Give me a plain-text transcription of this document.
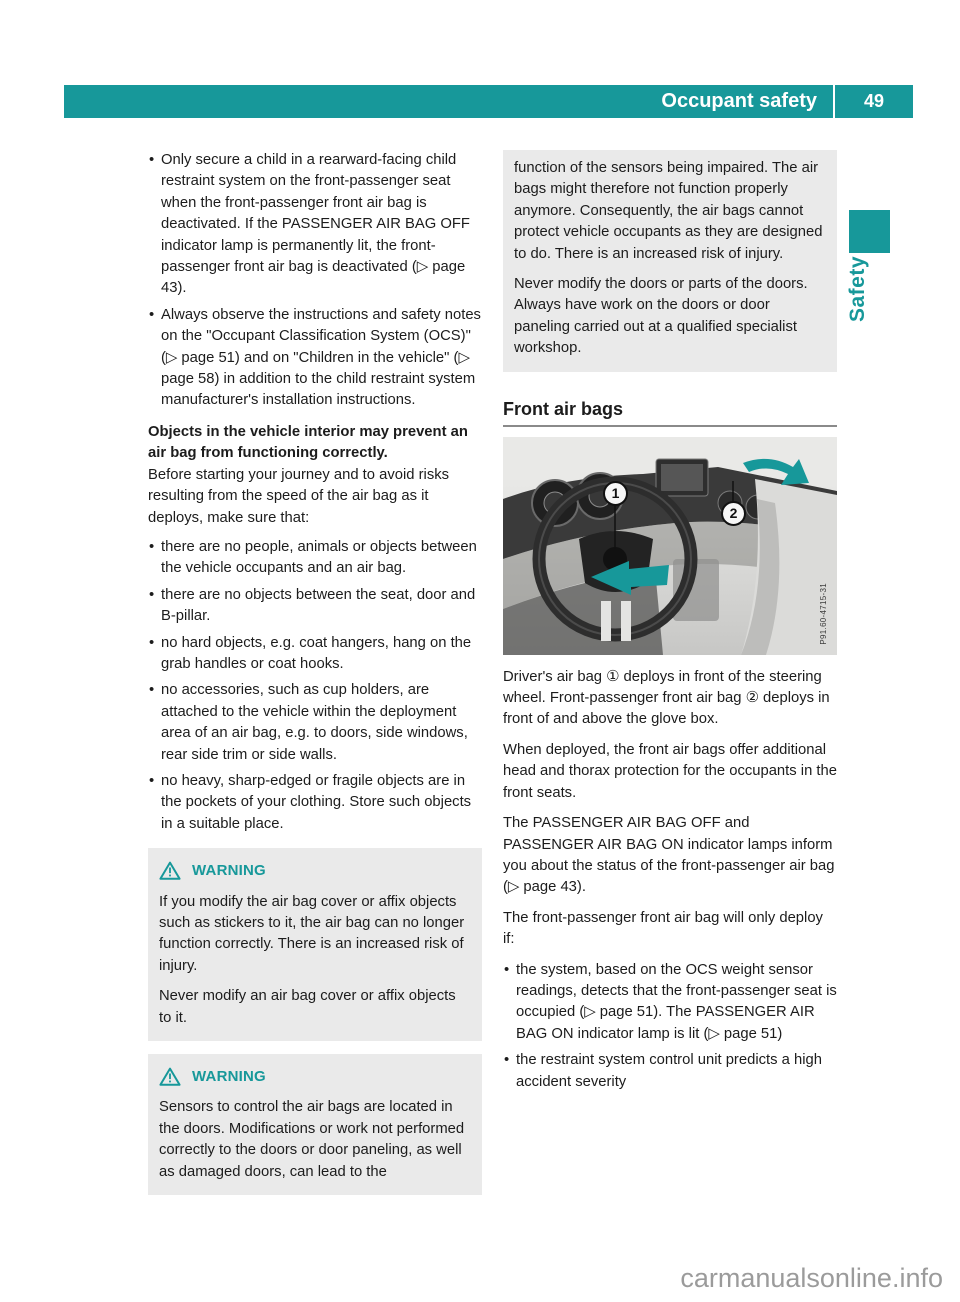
Occupant safety	49
Safety
• Only secure a child in a rearward-facing child restraint system on the front-passenger seat when the front-passenger front air bag is deactivated. If the PASSENGER AIR BAG OFF indicator lamp is permanently lit, the front-passenger front air bag is deactivated (▷ page 43).
• Always observe the instructions and safety notes on the "Occupant Classification System (OCS)" (▷ page 51) and on "Children in the vehicle" (▷ page 58) in addition to the child restraint system manufacturer's installation instructions.

Objects in the vehicle interior may prevent an air bag from functioning correctly.

Before starting your journey and to avoid risks resulting from the speed of the air bag as it deploys, make sure that:

• there are no people, animals or objects between the vehicle occupants and an air bag.
• there are no objects between the seat, door and B-pillar.
• no hard objects, e.g. coat hangers, hang on the grab handles or coat hooks.
• no accessories, such as cup holders, are attached to the vehicle within the deployment area of an air bag, e.g. to doors, side windows, rear side trim or side walls.
• no heavy, sharp-edged or fragile objects are in the pockets of your clothing. Store such objects in a suitable place.
WARNING

If you modify the air bag cover or affix objects such as stickers to it, the air bag can no longer function correctly. There is an increased risk of injury.

Never modify an air bag cover or affix objects to it.

WARNING

Sensors to control the air bags are located in the doors. Modifications or work not performed correctly to the doors or door paneling, as well as damaged doors, can lead to the

function of the sensors being impaired. The air bags might therefore not function properly anymore. Consequently, the air bags cannot protect vehicle occupants as they are designed to do. There is an increased risk of injury.

Never modify the doors or parts of the doors. Always have work on the doors or door paneling carried out at a qualified specialist workshop.

Front air bags
1
2
P91.60-4715-31

Driver's air bag ① deploys in front of the steering wheel. Front-passenger front air bag ② deploys in front of and above the glove box.

When deployed, the front air bags offer additional head and thorax protection for the occupants in the front seats.

The PASSENGER AIR BAG OFF and PASSENGER AIR BAG ON indicator lamps inform you about the status of the front-passenger air bag (▷ page 43).

The front-passenger front air bag will only deploy if:

• the system, based on the OCS weight sensor readings, detects that the front-passenger seat is occupied (▷ page 51). The PASSENGER AIR BAG ON indicator lamp is lit (▷ page 51)
• the restraint system control unit predicts a high accident severity
carmanualsonline.info
